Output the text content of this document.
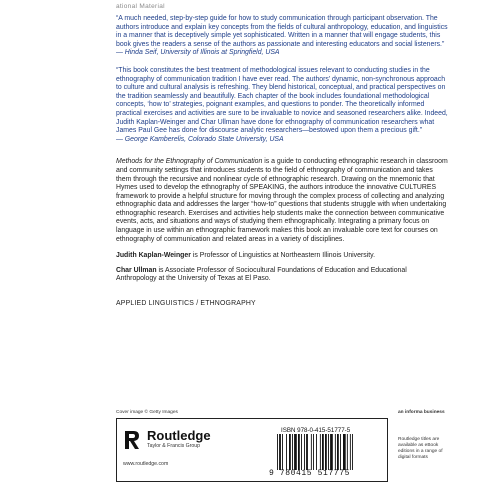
ational Material

“A much needed, step-by-step guide for how to study communication through participant observation. The authors introduce and explain key concepts from the fields of cultural anthropology, education, and linguistics in a manner that is deceptively simple yet sophisticated. Written in a manner that will engage students, this book gives the readers a sense of the authors as passionate and interesting educators and social listeners.”
— Hinda Seif, University of Illinois at Springfield, USA

“This book constitutes the best treatment of methodological issues relevant to conducting studies in the ethnography of communication tradition I have ever read. The authors’ dynamic, non-synchronous approach to culture and cultural analysis is refreshing. They blend historical, conceptual, and practical perspectives on the tradition seamlessly and beautifully. Each chapter of the book includes foundational methodological concepts, ‘how to’ strategies, poignant examples, and questions to ponder. The theoretically informed practical exercises and activities are sure to be invaluable to novice and seasoned researchers alike. Indeed, Judith Kaplan-Weinger and Char Ullman have done for ethnography of communication researchers what James Paul Gee has done for discourse analytic researchers—bestowed upon them a precious gift.”
— George Kamberelis, Colorado State University, USA

Methods for the Ethnography of Communication is a guide to conducting ethnographic research in classroom and community settings that introduces students to the field of ethnography of communication and takes them through the recursive and nonlinear cycle of ethnographic research. Drawing on the mnemonic that Hymes used to develop the ethnography of SPEAKING, the authors introduce the innovative CULTURES framework to provide a helpful structure for moving through the complex process of collecting and analyzing ethnographic data and addresses the larger “how-to” questions that students struggle with when undertaking ethnographic research. Exercises and activities help students make the connection between communicative events, acts, and situations and ways of studying them ethnographically. Integrating a primary focus on language in use within an ethnographic framework makes this book an invaluable core text for courses on ethnography of communication and related areas in a variety of disciplines.

Judith Kaplan-Weinger is Professor of Linguistics at Northeastern Illinois University.

Char Ullman is Associate Professor of Sociocultural Foundations of Education and Educational Anthropology at the University of Texas at El Paso.

APPLIED LINGUISTICS / ETHNOGRAPHY
Cover image © Getty Images	an informa business
Routledge
Taylor & Francis Group
www.routledge.com
ISBN 978-0-415-51777-5
9 780415 517775
Routledge titles are available as eBook editions in a range of digital formats
